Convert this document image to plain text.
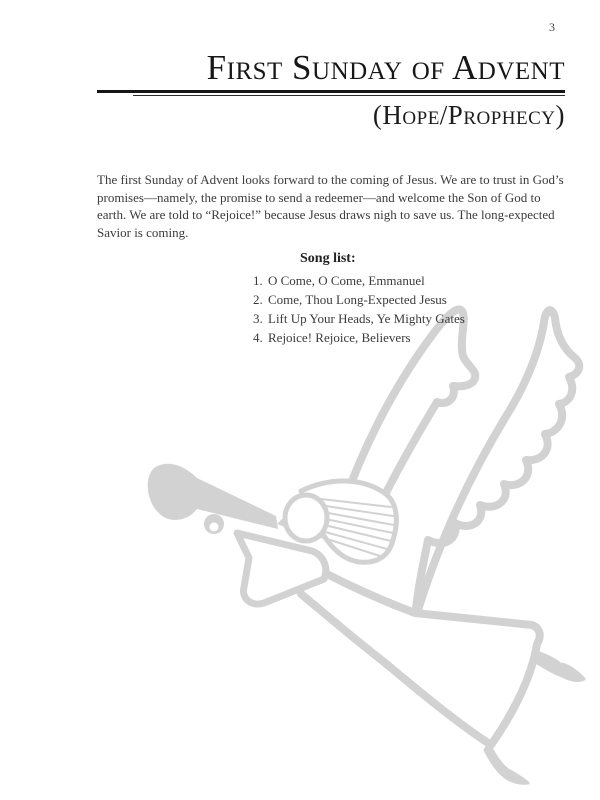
3
First Sunday of Advent
(Hope/Prophecy)

The first Sunday of Advent looks forward to the coming of Jesus. We are to trust in God’s promises—namely, the promise to send a redeemer—and welcome the Son of God to earth. We are told to “Rejoice!” because Jesus draws nigh to save us. The long-expected Savior is coming.

Song list:
1. O Come, O Come, Emmanuel
2. Come, Thou Long-Expected Jesus
3. Lift Up Your Heads, Ye Mighty Gates
4. Rejoice! Rejoice, Believers
